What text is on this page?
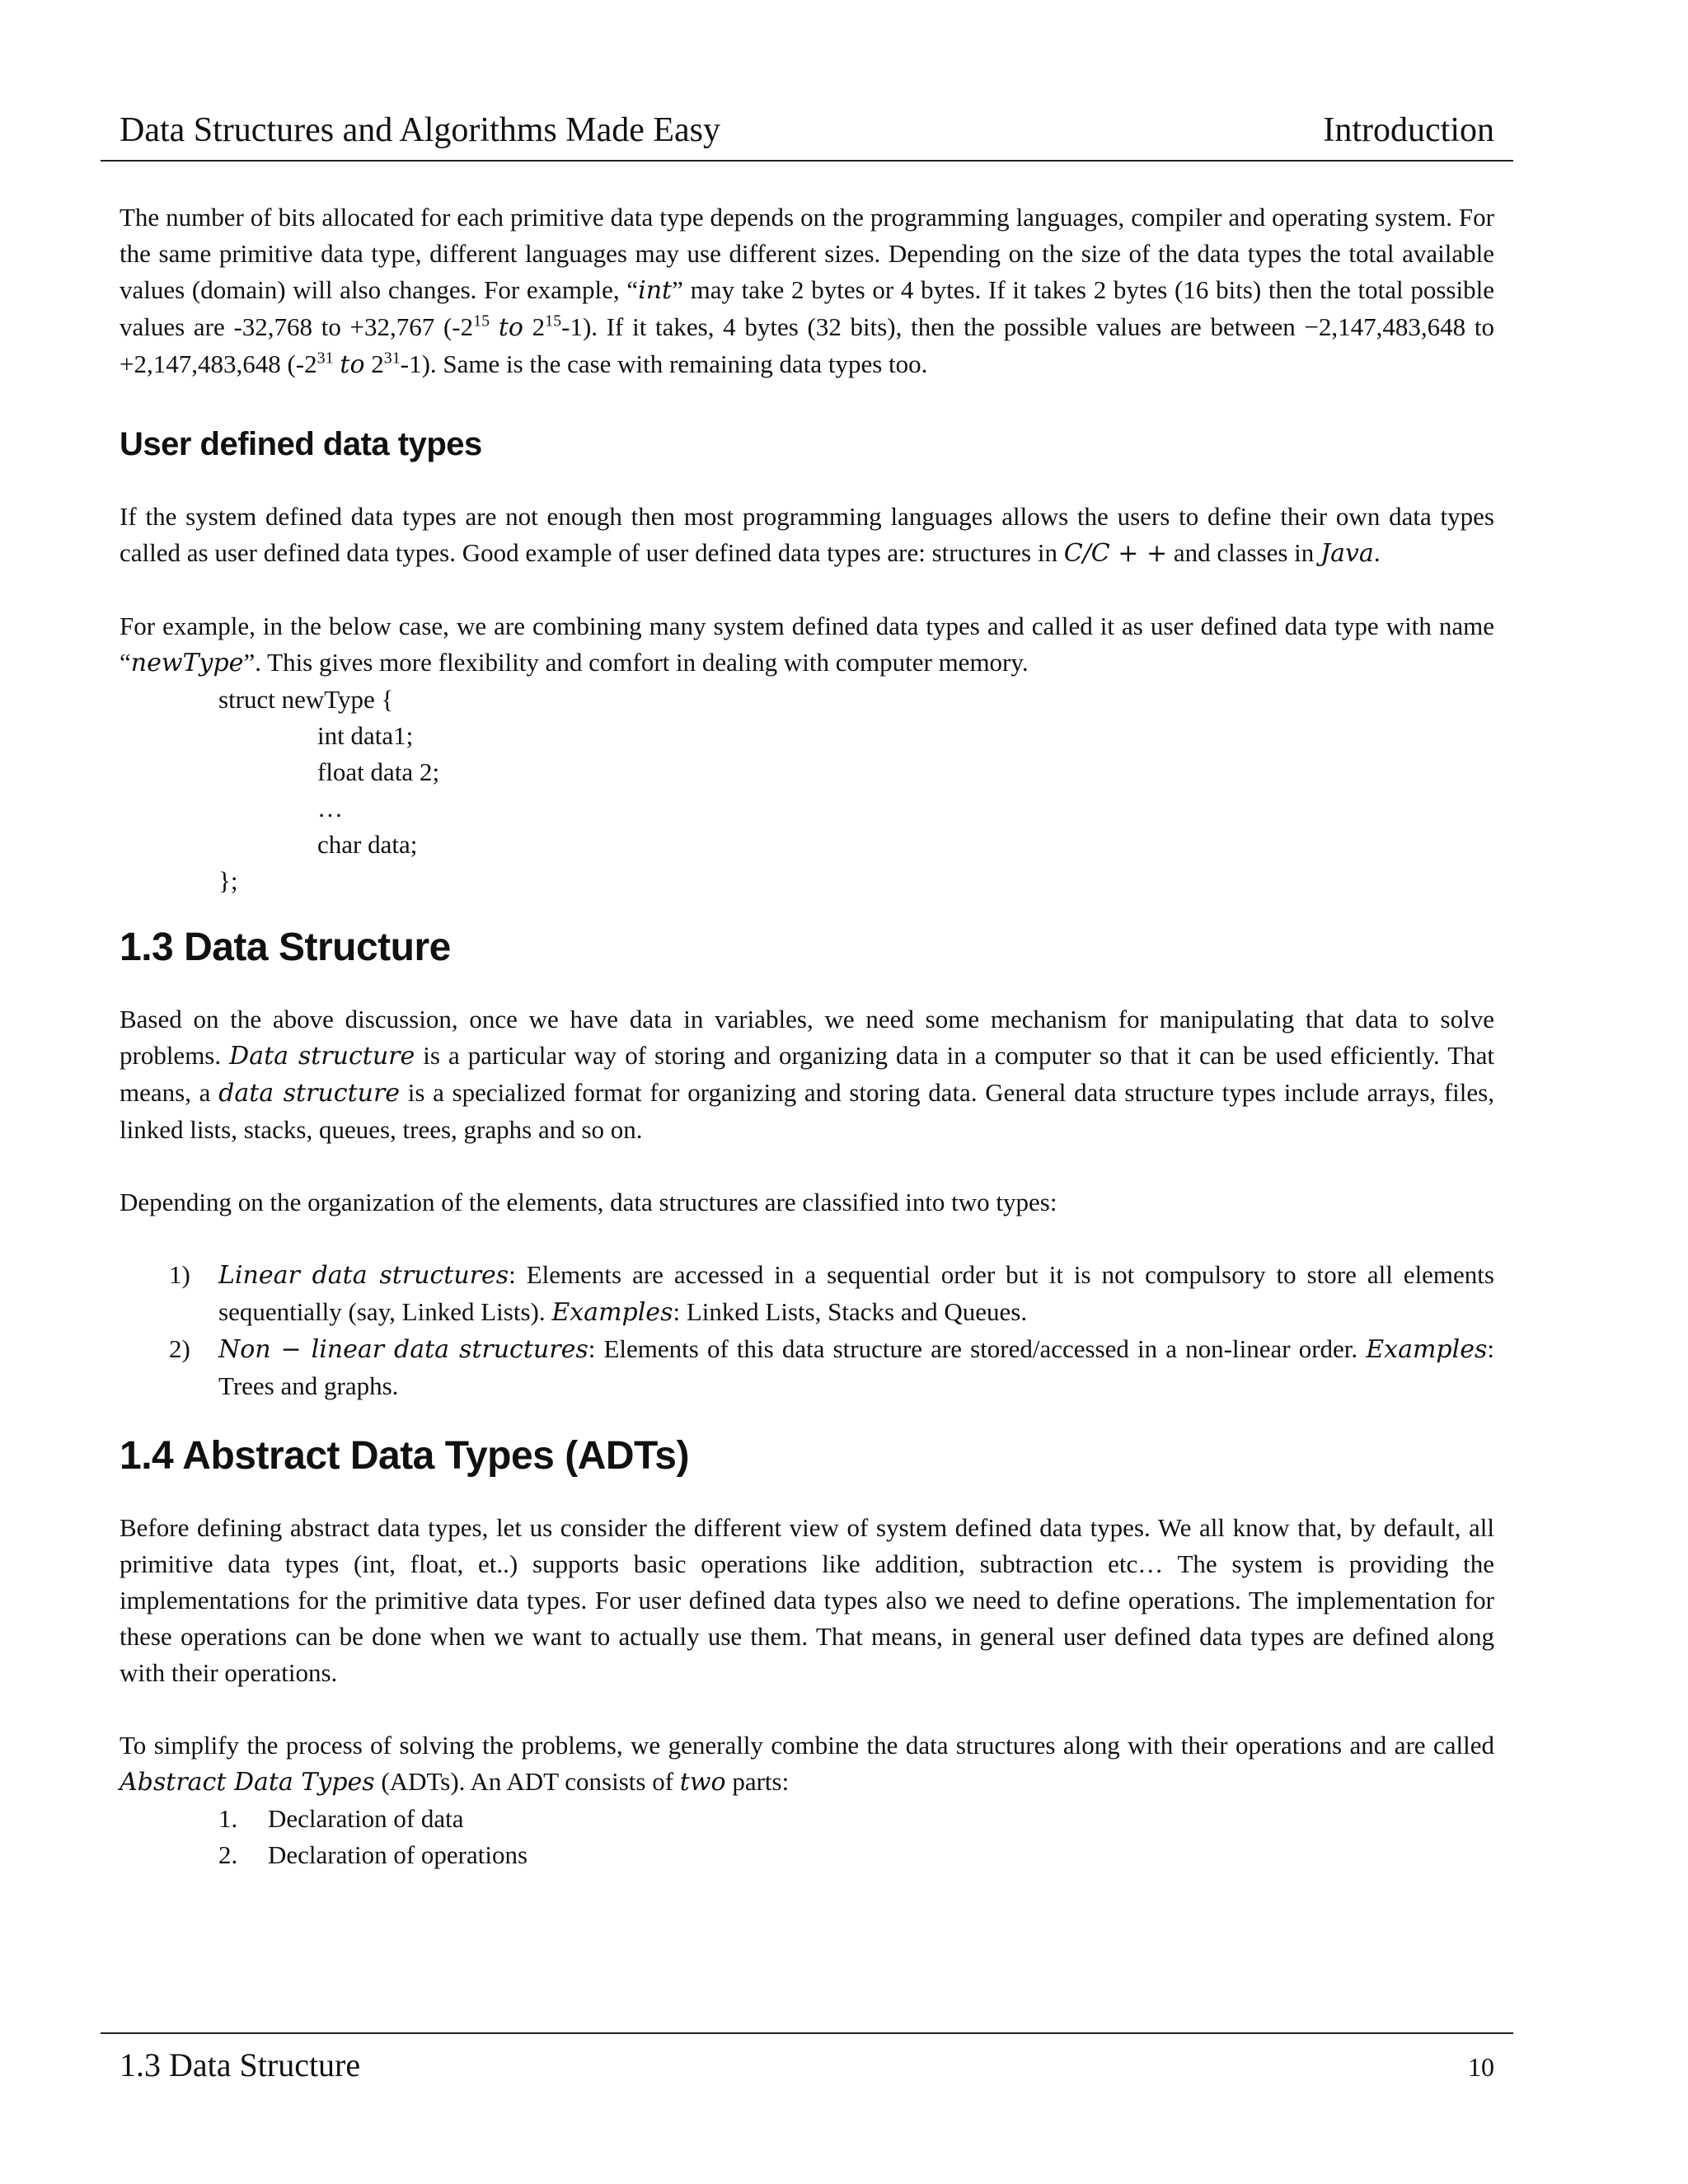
Data Structures and Algorithms Made Easy	Introduction

The number of bits allocated for each primitive data type depends on the programming languages, compiler and operating system. For the same primitive data type, different languages may use different sizes. Depending on the size of the data types the total available values (domain) will also changes. For example, “int” may take 2 bytes or 4 bytes. If it takes 2 bytes (16 bits) then the total possible values are -32,768 to +32,767 ($-2^{15}$ to $2^{15}-1$). If it takes, 4 bytes (32 bits), then the possible values are between −2,147,483,648 to +2,147,483,648 ($-2^{31}$ to $2^{31}-1$). Same is the case with remaining data types too.

User defined data types

If the system defined data types are not enough then most programming languages allows the users to define their own data types called as user defined data types. Good example of user defined data types are: structures in C/C + + and classes in Java.

For example, in the below case, we are combining many system defined data types and called it as user defined data type with name “newType”. This gives more flexibility and comfort in dealing with computer memory.

struct newType {
int data1;
float data 2;
…
char data;
};
1.3 Data Structure

Based on the above discussion, once we have data in variables, we need some mechanism for manipulating that data to solve problems. Data structure is a particular way of storing and organizing data in a computer so that it can be used efficiently. That means, a data structure is a specialized format for organizing and storing data. General data structure types include arrays, files, linked lists, stacks, queues, trees, graphs and so on.

Depending on the organization of the elements, data structures are classified into two types:

1)	Linear data structures: Elements are accessed in a sequential order but it is not compulsory to store all elements sequentially (say, Linked Lists). Examples: Linked Lists, Stacks and Queues.
2)	Non − linear data structures: Elements of this data structure are stored/accessed in a non-linear order. Examples: Trees and graphs.
1.4 Abstract Data Types (ADTs)

Before defining abstract data types, let us consider the different view of system defined data types. We all know that, by default, all primitive data types (int, float, et..) supports basic operations like addition, subtraction etc… The system is providing the implementations for the primitive data types. For user defined data types also we need to define operations. The implementation for these operations can be done when we want to actually use them. That means, in general user defined data types are defined along with their operations.

To simplify the process of solving the problems, we generally combine the data structures along with their operations and are called Abstract Data Types (ADTs). An ADT consists of two parts:

1.	Declaration of data
2.	Declaration of operations
1.3 Data Structure	10
